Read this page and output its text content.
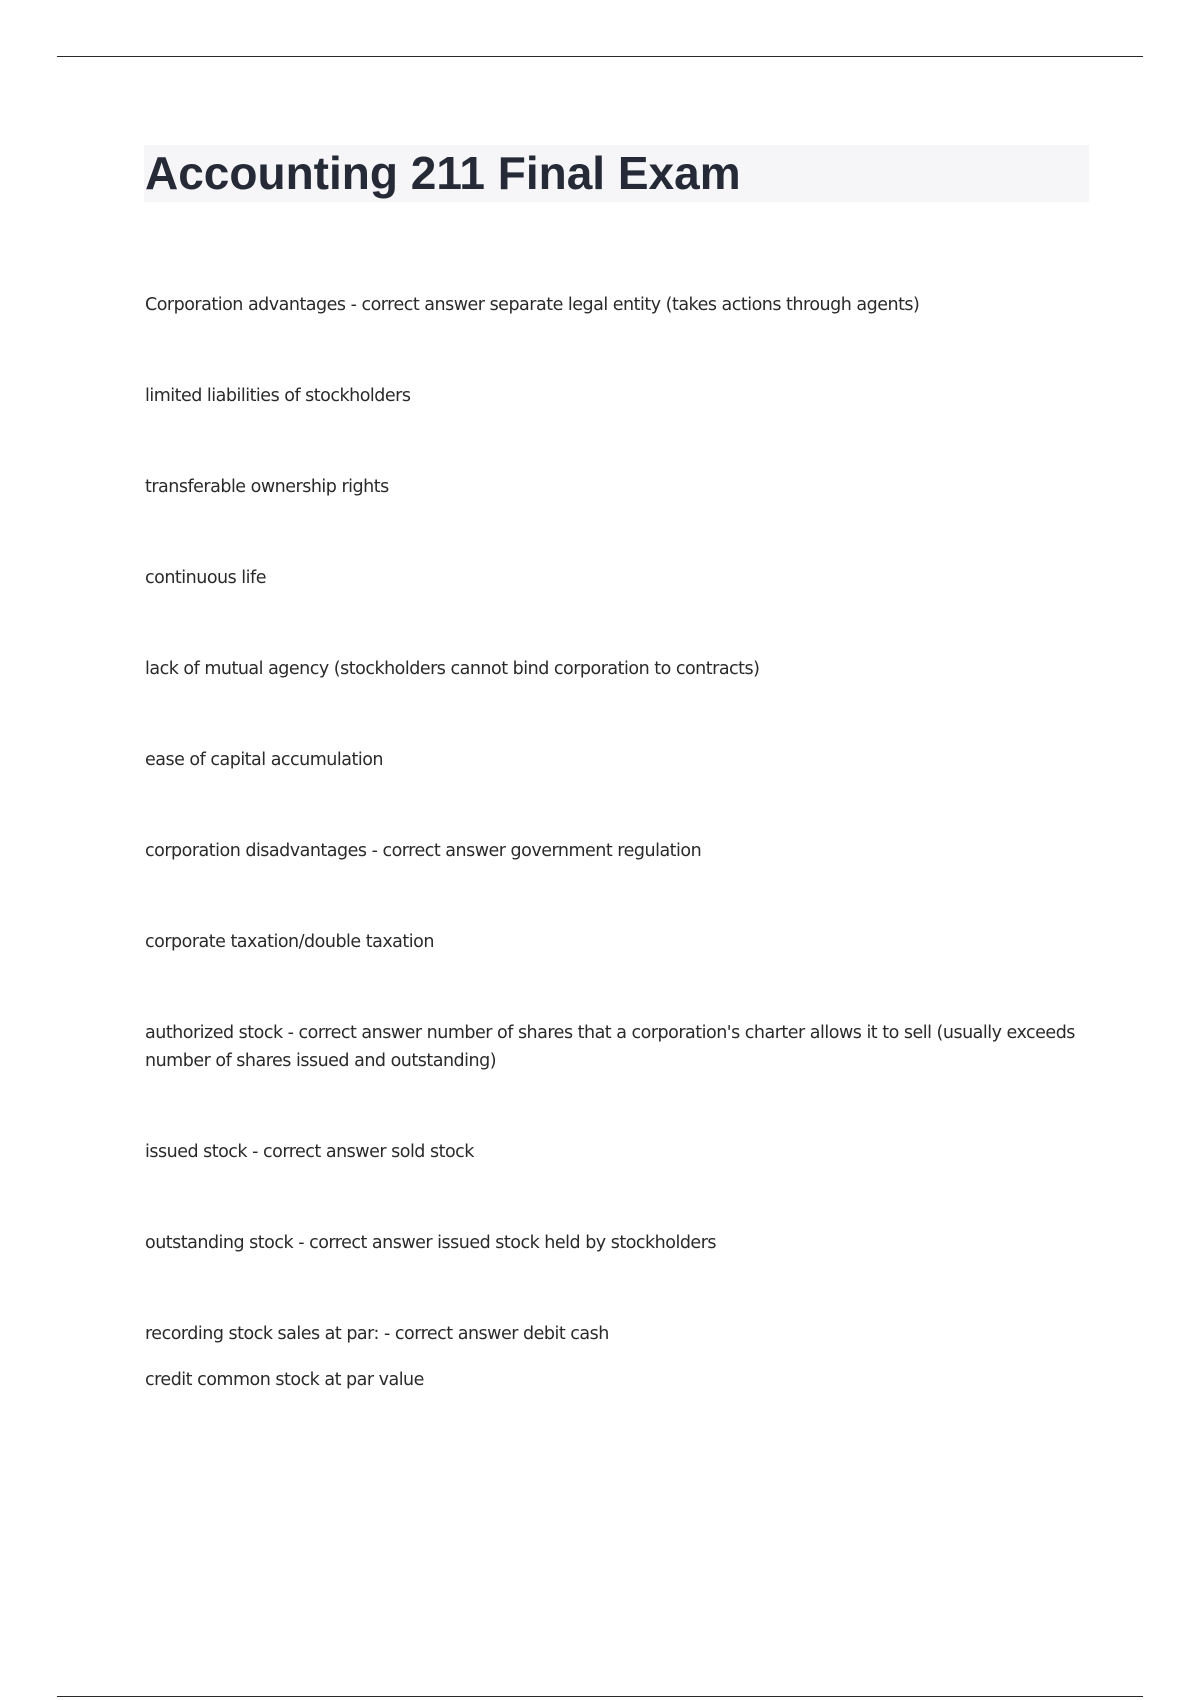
Accounting 211 Final Exam

Corporation advantages - correct answer separate legal entity (takes actions through agents)

limited liabilities of stockholders

transferable ownership rights

continuous life

lack of mutual agency (stockholders cannot bind corporation to contracts)

ease of capital accumulation

corporation disadvantages - correct answer government regulation

corporate taxation/double taxation

authorized stock - correct answer number of shares that a corporation's charter allows it to sell (usually exceeds number of shares issued and outstanding)

issued stock - correct answer sold stock

outstanding stock - correct answer issued stock held by stockholders

recording stock sales at par: - correct answer debit cash

credit common stock at par value
